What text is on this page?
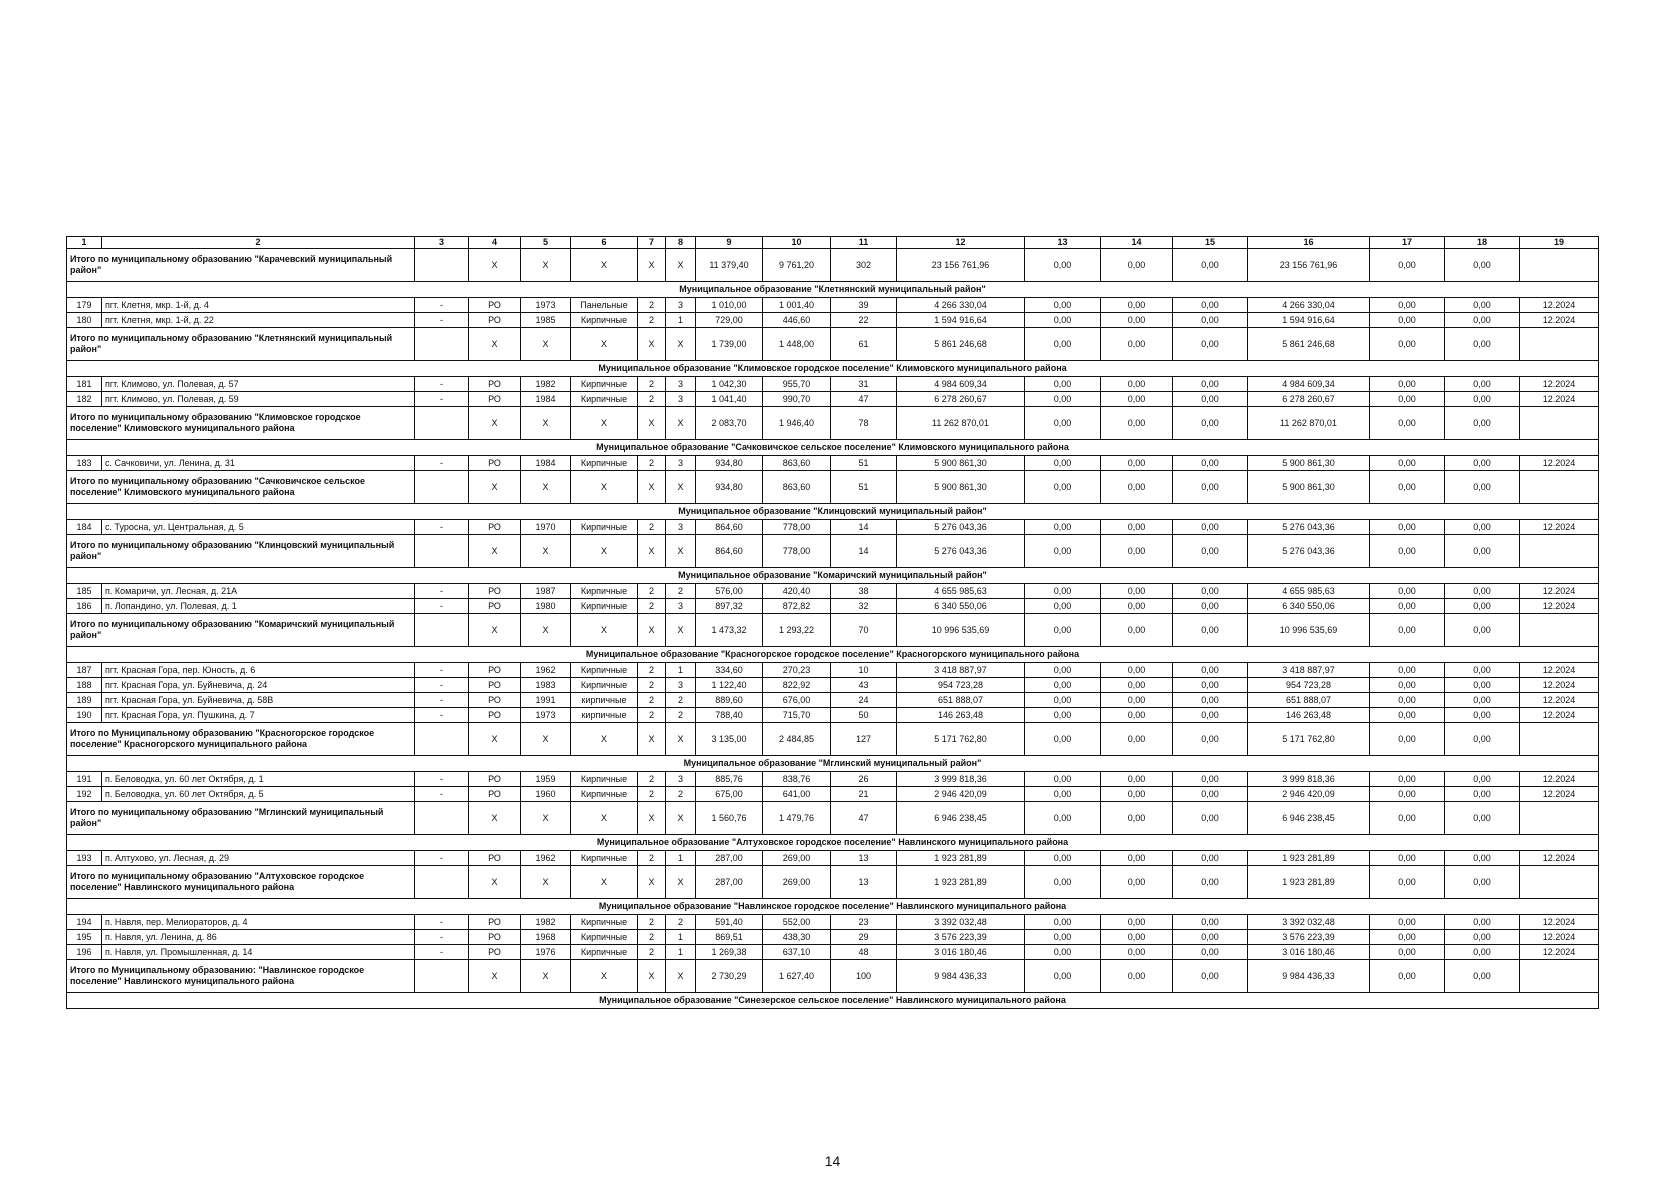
1	2	3	4	5	6	7	8	9	10	11	12	13	14	15	16	17	18	19
Итого по муниципальному образованию "Карачевский муниципальный район"			X	X	X	X	X	11 379,40	9 761,20	302	23 156 761,96	0,00	0,00	0,00	23 156 761,96	0,00	0,00	
Муниципальное образование "Клетнянский муниципальный район"																		
179	пгт. Клетня, мкр. 1-й, д. 4	-	РО	1973	Панельные	2	3	1 010,00	1 001,40	39	4 266 330,04	0,00	0,00	0,00	4 266 330,04	0,00	0,00	12.2024
180	пгт. Клетня, мкр. 1-й, д. 22	-	РО	1985	Кирпичные	2	1	729,00	446,60	22	1 594 916,64	0,00	0,00	0,00	1 594 916,64	0,00	0,00	12.2024
Итого по муниципальному образованию "Клетнянский муниципальный район"			X	X	X	X	X	1 739,00	1 448,00	61	5 861 246,68	0,00	0,00	0,00	5 861 246,68	0,00	0,00	
Муниципальное образование "Климовское городское поселение" Климовского муниципального района																		
181	пгт. Климово, ул. Полевая, д. 57	-	РО	1982	Кирпичные	2	3	1 042,30	955,70	31	4 984 609,34	0,00	0,00	0,00	4 984 609,34	0,00	0,00	12.2024
182	пгт. Климово, ул. Полевая, д. 59	-	РО	1984	Кирпичные	2	3	1 041,40	990,70	47	6 278 260,67	0,00	0,00	0,00	6 278 260,67	0,00	0,00	12.2024
Итого по муниципальному образованию "Климовское городское поселение" Климовского муниципального района			X	X	X	X	X	2 083,70	1 946,40	78	11 262 870,01	0,00	0,00	0,00	11 262 870,01	0,00	0,00	
Муниципальное образование "Сачковичское сельское поселение" Климовского муниципального района																		
183	с. Сачковичи, ул. Ленина, д. 31	-	РО	1984	Кирпичные	2	3	934,80	863,60	51	5 900 861,30	0,00	0,00	0,00	5 900 861,30	0,00	0,00	12.2024
Итого по муниципальному образованию "Сачковичское сельское поселение" Климовского муниципального района			X	X	X	X	X	934,80	863,60	51	5 900 861,30	0,00	0,00	0,00	5 900 861,30	0,00	0,00	
Муниципальное образование "Клинцовский муниципальный район"																		
184	с. Туросна, ул. Центральная, д. 5	-	РО	1970	Кирпичные	2	3	864,60	778,00	14	5 276 043,36	0,00	0,00	0,00	5 276 043,36	0,00	0,00	12.2024
Итого по муниципальному образованию "Клинцовский муниципальный район"			X	X	X	X	X	864,60	778,00	14	5 276 043,36	0,00	0,00	0,00	5 276 043,36	0,00	0,00	
Муниципальное образование "Комаричский муниципальный район"																		
185	п. Комаричи, ул. Лесная, д. 21А	-	РО	1987	Кирпичные	2	2	576,00	420,40	38	4 655 985,63	0,00	0,00	0,00	4 655 985,63	0,00	0,00	12.2024
186	п. Лопандино, ул. Полевая, д. 1	-	РО	1980	Кирпичные	2	3	897,32	872,82	32	6 340 550,06	0,00	0,00	0,00	6 340 550,06	0,00	0,00	12.2024
Итого по муниципальному образованию "Комаричский муниципальный район"			X	X	X	X	X	1 473,32	1 293,22	70	10 996 535,69	0,00	0,00	0,00	10 996 535,69	0,00	0,00	
Муниципальное образование "Красногорское городское поселение" Красногорского муниципального района																		
187	пгт. Красная Гора, пер. Юность, д. 6	-	РО	1962	Кирпичные	2	1	334,60	270,23	10	3 418 887,97	0,00	0,00	0,00	3 418 887,97	0,00	0,00	12.2024
188	пгт. Красная Гора, ул. Буйневича, д. 24	-	РО	1983	Кирпичные	2	3	1 122,40	822,92	43	954 723,28	0,00	0,00	0,00	954 723,28	0,00	0,00	12.2024
189	пгт. Красная Гора, ул. Буйневича, д. 58В	-	РО	1991	кирпичные	2	2	889,60	676,00	24	651 888,07	0,00	0,00	0,00	651 888,07	0,00	0,00	12.2024
190	пгт. Красная Гора, ул. Пушкина, д. 7	-	РО	1973	кирпичные	2	2	788,40	715,70	50	146 263,48	0,00	0,00	0,00	146 263,48	0,00	0,00	12.2024
Итого по Муниципальному образованию "Красногорское городское поселение" Красногорского муниципального района			X	X	X	X	X	3 135,00	2 484,85	127	5 171 762,80	0,00	0,00	0,00	5 171 762,80	0,00	0,00	
Муниципальное образование "Мглинский муниципальный район"																		
191	п. Беловодка, ул. 60 лет Октября, д. 1	-	РО	1959	Кирпичные	2	3	885,76	838,76	26	3 999 818,36	0,00	0,00	0,00	3 999 818,36	0,00	0,00	12.2024
192	п. Беловодка, ул. 60 лет Октября, д. 5	-	РО	1960	Кирпичные	2	2	675,00	641,00	21	2 946 420,09	0,00	0,00	0,00	2 946 420,09	0,00	0,00	12.2024
Итого по муниципальному образованию "Мглинский муниципальный район"			X	X	X	X	X	1 560,76	1 479,76	47	6 946 238,45	0,00	0,00	0,00	6 946 238,45	0,00	0,00	
Муниципальное образование "Алтуховское городское поселение" Навлинского муниципального района																		
193	п. Алтухово, ул. Лесная, д. 29	-	РО	1962	Кирпичные	2	1	287,00	269,00	13	1 923 281,89	0,00	0,00	0,00	1 923 281,89	0,00	0,00	12.2024
Итого по муниципальному образованию "Алтуховское городское поселение" Навлинского муниципального района			X	X	X	X	X	287,00	269,00	13	1 923 281,89	0,00	0,00	0,00	1 923 281,89	0,00	0,00	
Муниципальное образование "Навлинское городское поселение" Навлинского муниципального района																		
194	п. Навля, пер. Мелиораторов, д. 4	-	РО	1982	Кирпичные	2	2	591,40	552,00	23	3 392 032,48	0,00	0,00	0,00	3 392 032,48	0,00	0,00	12.2024
195	п. Навля, ул. Ленина, д. 86	-	РО	1968	Кирпичные	2	1	869,51	438,30	29	3 576 223,39	0,00	0,00	0,00	3 576 223,39	0,00	0,00	12.2024
196	п. Навля, ул. Промышленная, д. 14	-	РО	1976	Кирпичные	2	1	1 269,38	637,10	48	3 016 180,46	0,00	0,00	0,00	3 016 180,46	0,00	0,00	12.2024
Итого по Муниципальному образованию: "Навлинское городское поселение" Навлинского муниципального района			X	X	X	X	X	2 730,29	1 627,40	100	9 984 436,33	0,00	0,00	0,00	9 984 436,33	0,00	0,00	
Муниципальное образование "Синезерское сельское поселение" Навлинского муниципального района																		
14
